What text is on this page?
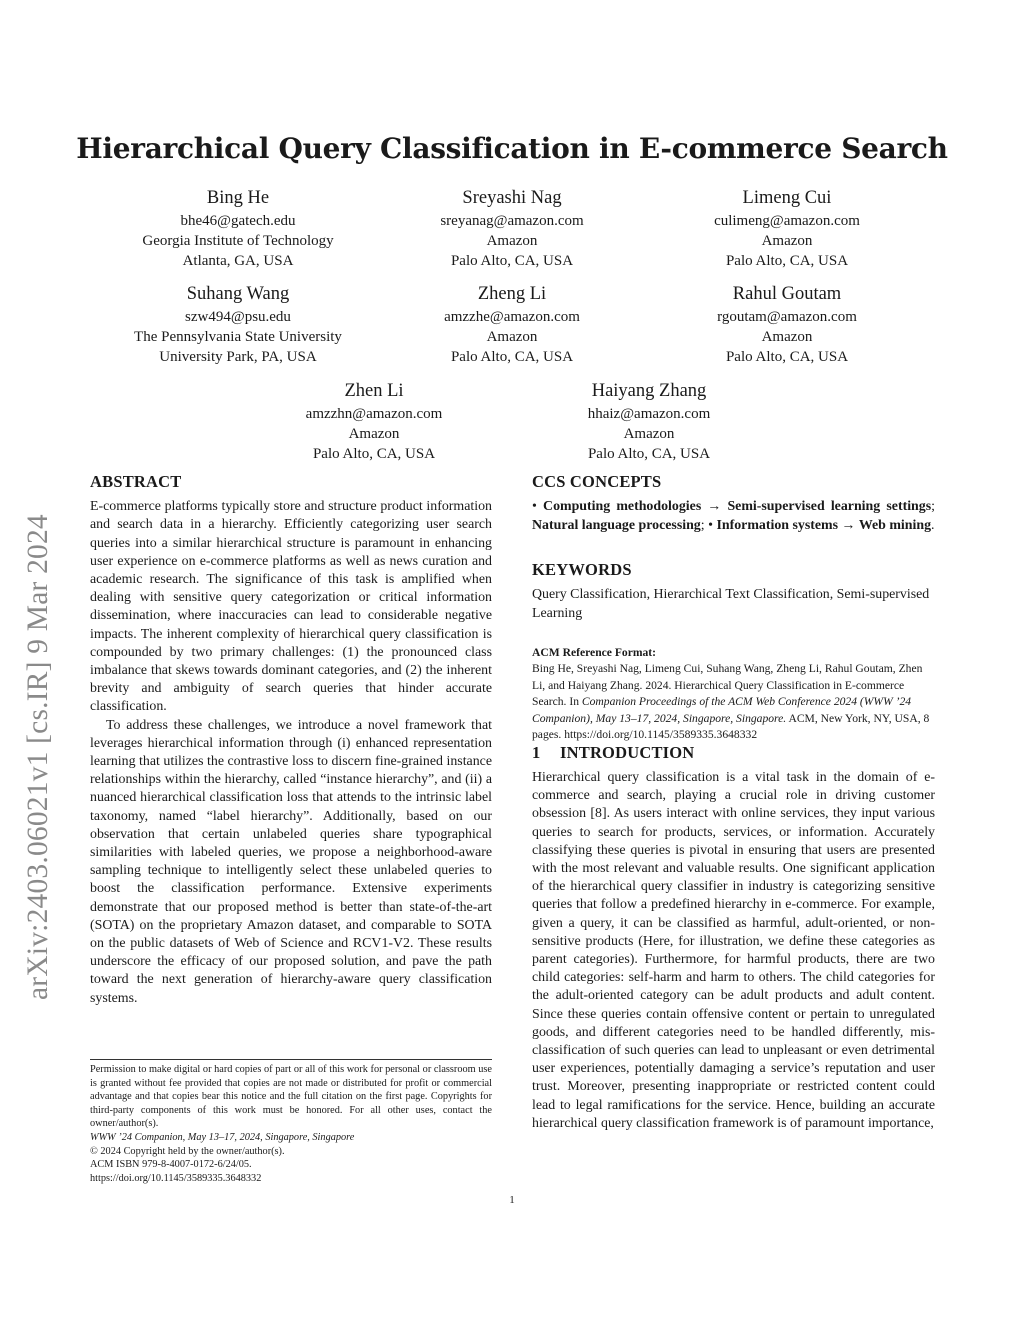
arXiv:2403.06021v1 [cs.IR] 9 Mar 2024
Hierarchical Query Classification in E-commerce Search
Bing He
bhe46@gatech.edu
Georgia Institute of Technology
Atlanta, GA, USA
Sreyashi Nag
sreyanag@amazon.com
Amazon
Palo Alto, CA, USA
Limeng Cui
culimeng@amazon.com
Amazon
Palo Alto, CA, USA
Suhang Wang
szw494@psu.edu
The Pennsylvania State University
University Park, PA, USA
Zheng Li
amzzhe@amazon.com
Amazon
Palo Alto, CA, USA
Rahul Goutam
rgoutam@amazon.com
Amazon
Palo Alto, CA, USA
Zhen Li
amzzhn@amazon.com
Amazon
Palo Alto, CA, USA
Haiyang Zhang
hhaiz@amazon.com
Amazon
Palo Alto, CA, USA
ABSTRACT

E-commerce platforms typically store and structure product information and search data in a hierarchy. Efficiently categorizing user search queries into a similar hierarchical structure is paramount in enhancing user experience on e-commerce platforms as well as news curation and academic research. The significance of this task is amplified when dealing with sensitive query categorization or critical information dissemination, where inaccuracies can lead to considerable negative impacts. The inherent complexity of hierarchical query classification is compounded by two primary challenges: (1) the pronounced class imbalance that skews towards dominant categories, and (2) the inherent brevity and ambiguity of search queries that hinder accurate classification.

To address these challenges, we introduce a novel framework that leverages hierarchical information through (i) enhanced representation learning that utilizes the contrastive loss to discern fine-grained instance relationships within the hierarchy, called “instance hierarchy”, and (ii) a nuanced hierarchical classification loss that attends to the intrinsic label taxonomy, named “label hierarchy”. Additionally, based on our observation that certain unlabeled queries share typographical similarities with labeled queries, we propose a neighborhood-aware sampling technique to intelligently select these unlabeled queries to boost the classification performance. Extensive experiments demonstrate that our proposed method is better than state-of-the-art (SOTA) on the proprietary Amazon dataset, and comparable to SOTA on the public datasets of Web of Science and RCV1-V2. These results underscore the efficacy of our proposed solution, and pave the path toward the next generation of hierarchy-aware query classification systems.

Permission to make digital or hard copies of part or all of this work for personal or classroom use is granted without fee provided that copies are not made or distributed for profit or commercial advantage and that copies bear this notice and the full citation on the first page. Copyrights for third-party components of this work must be honored. For all other uses, contact the owner/author(s).

WWW ’24 Companion, May 13–17, 2024, Singapore, Singapore

© 2024 Copyright held by the owner/author(s).

ACM ISBN 979-8-4007-0172-6/24/05.

https://doi.org/10.1145/3589335.3648332

CCS CONCEPTS

• Computing methodologies → Semi-supervised learning settings; Natural language processing; • Information systems → Web mining.

KEYWORDS

Query Classification, Hierarchical Text Classification, Semi-supervised Learning

ACM Reference Format:
Bing He, Sreyashi Nag, Limeng Cui, Suhang Wang, Zheng Li, Rahul Goutam, Zhen Li, and Haiyang Zhang. 2024. Hierarchical Query Classification in E-commerce Search. In Companion Proceedings of the ACM Web Conference 2024 (WWW ’24 Companion), May 13–17, 2024, Singapore, Singapore. ACM, New York, NY, USA, 8 pages. https://doi.org/10.1145/3589335.3648332
1 INTRODUCTION

Hierarchical query classification is a vital task in the domain of e-commerce and search, playing a crucial role in driving customer obsession [8]. As users interact with online services, they input various queries to search for products, services, or information. Accurately classifying these queries is pivotal in ensuring that users are presented with the most relevant and valuable results. One significant application of the hierarchical query classifier in industry is categorizing sensitive queries that follow a predefined hierarchy in e-commerce. For example, given a query, it can be classified as harmful, adult-oriented, or non-sensitive products (Here, for illustration, we define these categories as parent categories). Furthermore, for harmful products, there are two child categories: self-harm and harm to others. The child categories for the adult-oriented category can be adult products and adult content. Since these queries contain offensive content or pertain to unregulated goods, and different categories need to be handled differently, mis-classification of such queries can lead to unpleasant or even detrimental user experiences, potentially damaging a service’s reputation and user trust. Moreover, presenting inappropriate or restricted content could lead to legal ramifications for the service. Hence, building an accurate hierarchical query classification framework is of paramount importance,

1
